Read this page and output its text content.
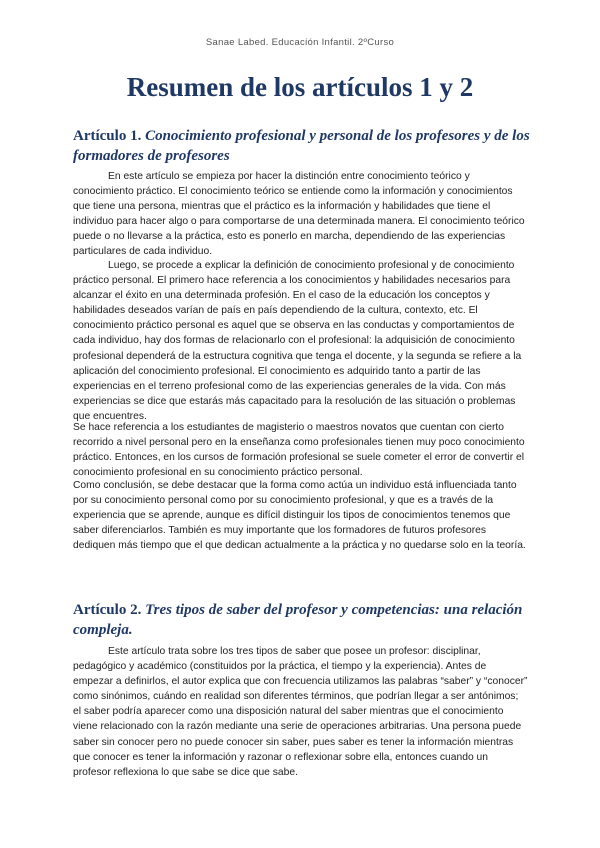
Sanae Labed. Educación Infantil. 2ºCurso
Resumen de los artículos 1 y 2
Artículo 1. Conocimiento profesional y personal de los profesores y de los formadores de profesores

En este artículo se empieza por hacer la distinción entre conocimiento teórico y conocimiento práctico. El conocimiento teórico se entiende como la información y conocimientos que tiene una persona, mientras que el práctico es la información y habilidades que tiene el individuo para hacer algo o para comportarse de una determinada manera. El conocimiento teórico puede o no llevarse a la práctica, esto es ponerlo en marcha, dependiendo de las experiencias particulares de cada individuo.

Luego, se procede a explicar la definición de conocimiento profesional y de conocimiento práctico personal. El primero hace referencia a los conocimientos y habilidades necesarios para alcanzar el éxito en una determinada profesión. En el caso de la educación los conceptos y habilidades deseados varían de país en país dependiendo de la cultura, contexto, etc. El conocimiento práctico personal es aquel que se observa en las conductas y comportamientos de cada individuo, hay dos formas de relacionarlo con el profesional: la adquisición de conocimiento profesional dependerá de la estructura cognitiva que tenga el docente, y la segunda se refiere a la aplicación del conocimiento profesional. El conocimiento es adquirido tanto a partir de las experiencias en el terreno profesional como de las experiencias generales de la vida. Con más experiencias se dice que estarás más capacitado para la resolución de las situación o problemas que encuentres.

Se hace referencia a los estudiantes de magisterio o maestros novatos que cuentan con cierto recorrido a nivel personal pero en la enseñanza como profesionales tienen muy poco conocimiento práctico. Entonces, en los cursos de formación profesional se suele cometer el error de convertir el conocimiento profesional en su conocimiento práctico personal.

Como conclusión, se debe destacar que la forma como actúa un individuo está influenciada tanto por su conocimiento personal como por su conocimiento profesional, y que es a través de la experiencia que se aprende, aunque es difícil distinguir los tipos de conocimientos tenemos que saber diferenciarlos. También es muy importante que los formadores de futuros profesores dediquen más tiempo que el que dedican actualmente a la práctica y no quedarse solo en la teoría.

Artículo 2. Tres tipos de saber del profesor y competencias: una relación compleja.

Este artículo trata sobre los tres tipos de saber que posee un profesor: disciplinar, pedagógico y académico (constituidos por la práctica, el tiempo y la experiencia). Antes de empezar a definirlos, el autor explica que con frecuencia utilizamos las palabras “saber” y “conocer” como sinónimos, cuándo en realidad son diferentes términos, que podrían llegar a ser antónimos; el saber podría aparecer como una disposición natural del saber mientras que el conocimiento viene relacionado con la razón mediante una serie de operaciones arbitrarias. Una persona puede saber sin conocer pero no puede conocer sin saber, pues saber es tener la información mientras que conocer es tener la información y razonar o reflexionar sobre ella, entonces cuando un profesor reflexiona lo que sabe se dice que sabe.
